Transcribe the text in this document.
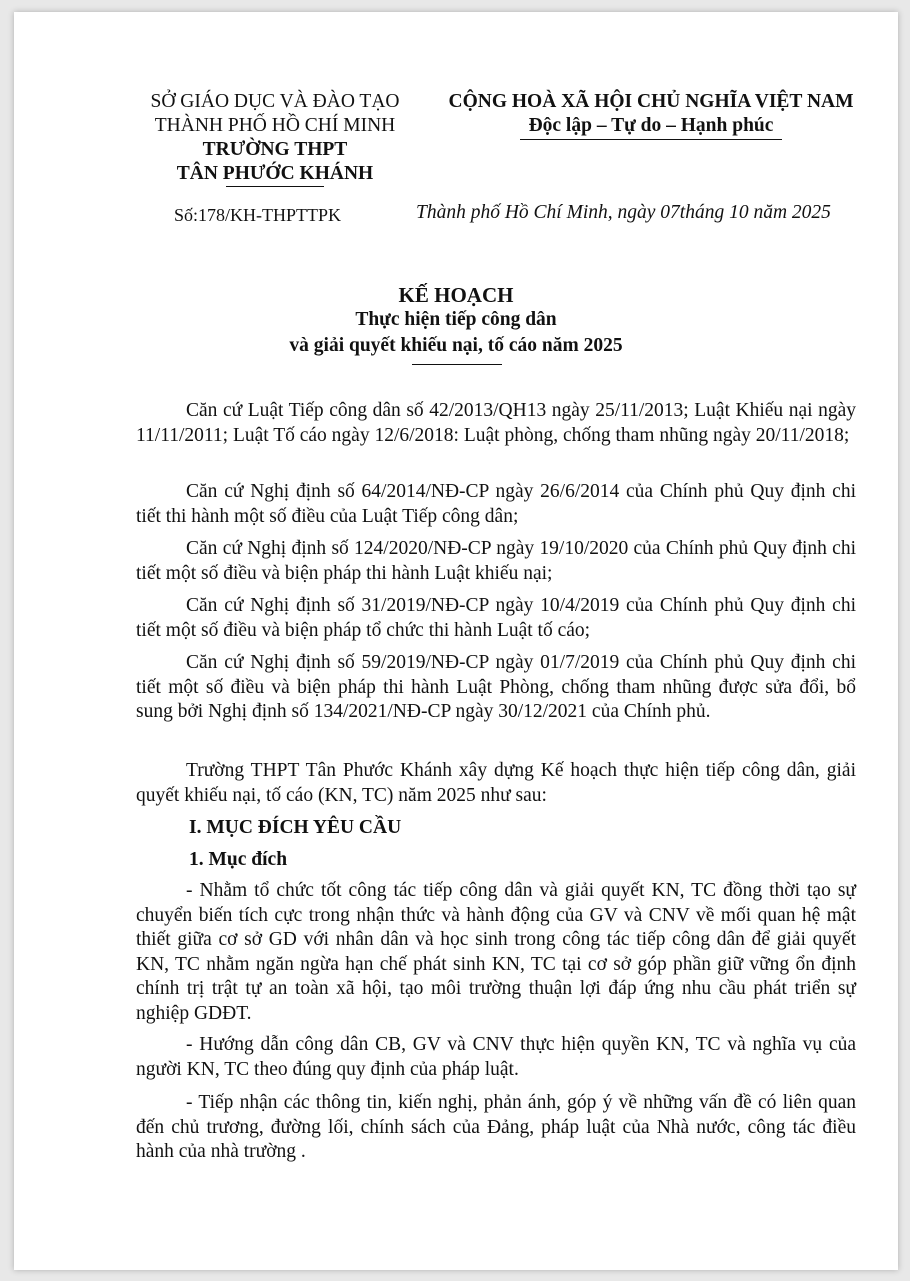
SỞ GIÁO DỤC VÀ ĐÀO TẠO
THÀNH PHỐ HỒ CHÍ MINH
TRƯỜNG THPT
TÂN PHƯỚC KHÁNH
CỘNG HOÀ XÃ HỘI CHỦ NGHĨA VIỆT NAM
Độc lập – Tự do – Hạnh phúc
Số:178/KH-THPTTPK	Thành phố Hồ Chí Minh, ngày 07tháng 10 năm 2025
KẾ HOẠCH
Thực hiện tiếp công dân
và giải quyết khiếu nại, tố cáo năm 2025
Căn cứ Luật Tiếp công dân số 42/2013/QH13 ngày 25/11/2013; Luật Khiếu nại ngày 11/11/2011; Luật Tố cáo ngày 12/6/2018: Luật phòng, chống tham nhũng ngày 20/11/2018;
Căn cứ Nghị định số 64/2014/NĐ-CP ngày 26/6/2014 của Chính phủ Quy định chi tiết thi hành một số điều của Luật Tiếp công dân;
Căn cứ Nghị định số 124/2020/NĐ-CP ngày 19/10/2020 của Chính phủ Quy định chi tiết một số điều và biện pháp thi hành Luật khiếu nại;
Căn cứ Nghị định số 31/2019/NĐ-CP ngày 10/4/2019 của Chính phủ Quy định chi tiết một số điều và biện pháp tổ chức thi hành Luật tố cáo;
Căn cứ Nghị định số 59/2019/NĐ-CP ngày 01/7/2019 của Chính phủ Quy định chi tiết một số điều và biện pháp thi hành Luật Phòng, chống tham nhũng được sửa đổi, bổ sung bởi Nghị định số 134/2021/NĐ-CP ngày 30/12/2021 của Chính phủ.
Trường THPT Tân Phước Khánh xây dựng Kế hoạch thực hiện tiếp công dân, giải quyết khiếu nại, tố cáo (KN, TC) năm 2025 như sau:
I. MỤC ĐÍCH YÊU CẦU
1. Mục đích
- Nhằm tổ chức tốt công tác tiếp công dân và giải quyết KN, TC đồng thời tạo sự chuyển biến tích cực trong nhận thức và hành động của GV và CNV về mối quan hệ mật thiết giữa cơ sở GD với nhân dân và học sinh trong công tác tiếp công dân để giải quyết KN, TC nhằm ngăn ngừa hạn chế phát sinh KN, TC tại cơ sở góp phần giữ vững ổn định chính trị trật tự an toàn xã hội, tạo môi trường thuận lợi đáp ứng nhu cầu phát triển sự nghiệp GDĐT.
- Hướng dẫn công dân CB, GV và CNV thực hiện quyền KN, TC và nghĩa vụ của người KN, TC theo đúng quy định của pháp luật.
- Tiếp nhận các thông tin, kiến nghị, phản ánh, góp ý về những vấn đề có liên quan đến chủ trương, đường lối, chính sách của Đảng, pháp luật của Nhà nước, công tác điều hành của nhà trường .
